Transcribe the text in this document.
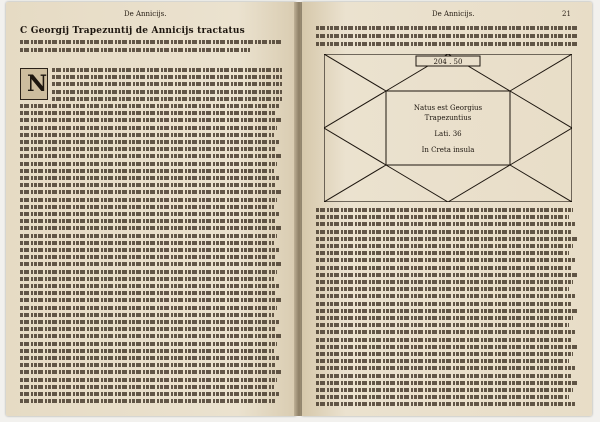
De Annicijs.
C Georgij Trapezuntij de Annicijs tractatus
N
De Annicijs.	21
204 . 50
Natus est Georgius
Trapezuntius
Lati. 36
In Creta insula
